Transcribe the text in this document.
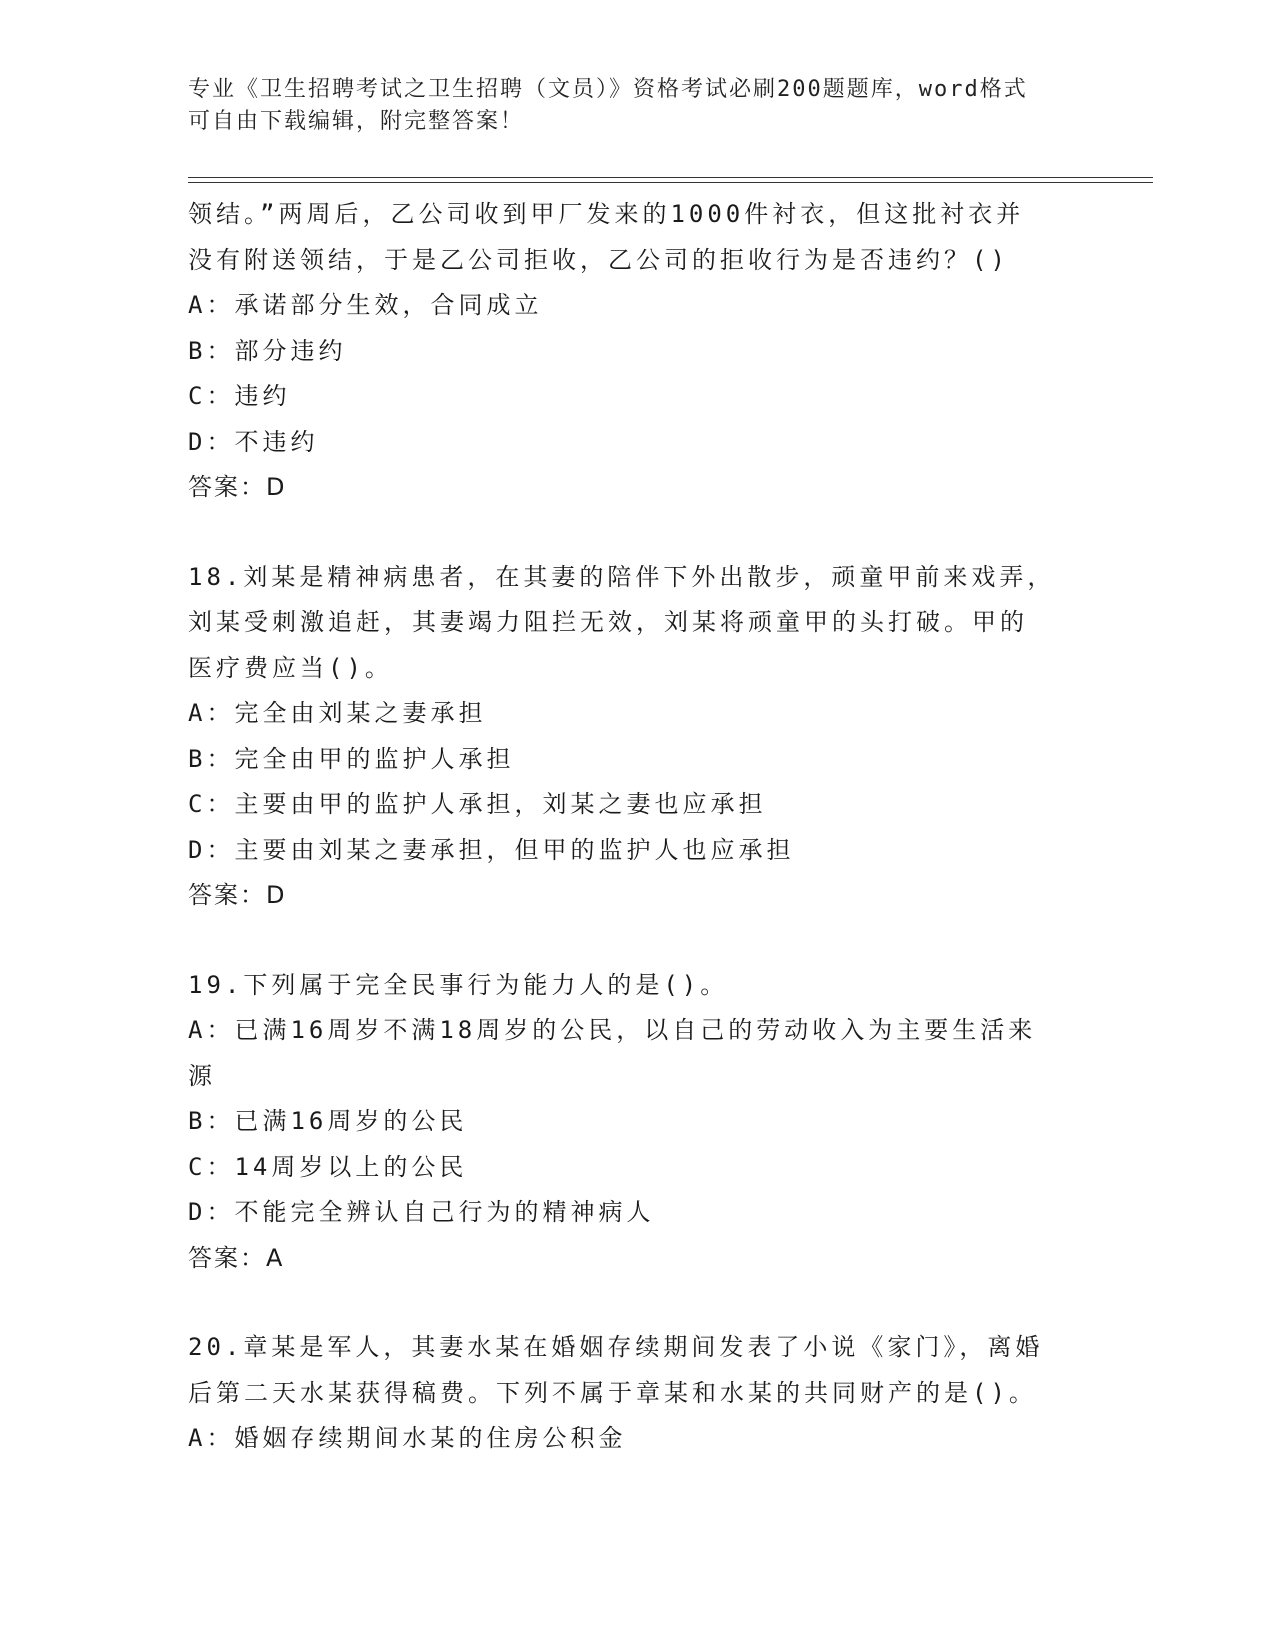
专业《卫生招聘考试之卫生招聘（文员）》资格考试必刷200题题库，word格式
可自由下载编辑，附完整答案！
领结。”两周后，乙公司收到甲厂发来的1000件衬衣，但这批衬衣并
没有附送领结，于是乙公司拒收，乙公司的拒收行为是否违约？()
A：承诺部分生效，合同成立
B：部分违约
C：违约
D：不违约
答案：D
18.刘某是精神病患者，在其妻的陪伴下外出散步，顽童甲前来戏弄，
刘某受刺激追赶，其妻竭力阻拦无效，刘某将顽童甲的头打破。甲的
医疗费应当()。
A：完全由刘某之妻承担
B：完全由甲的监护人承担
C：主要由甲的监护人承担，刘某之妻也应承担
D：主要由刘某之妻承担，但甲的监护人也应承担
答案：D
19.下列属于完全民事行为能力人的是()。
A：已满16周岁不满18周岁的公民，以自己的劳动收入为主要生活来
源
B：已满16周岁的公民
C：14周岁以上的公民
D：不能完全辨认自己行为的精神病人
答案：A
20.章某是军人，其妻水某在婚姻存续期间发表了小说《家门》，离婚
后第二天水某获得稿费。下列不属于章某和水某的共同财产的是()。
A：婚姻存续期间水某的住房公积金
